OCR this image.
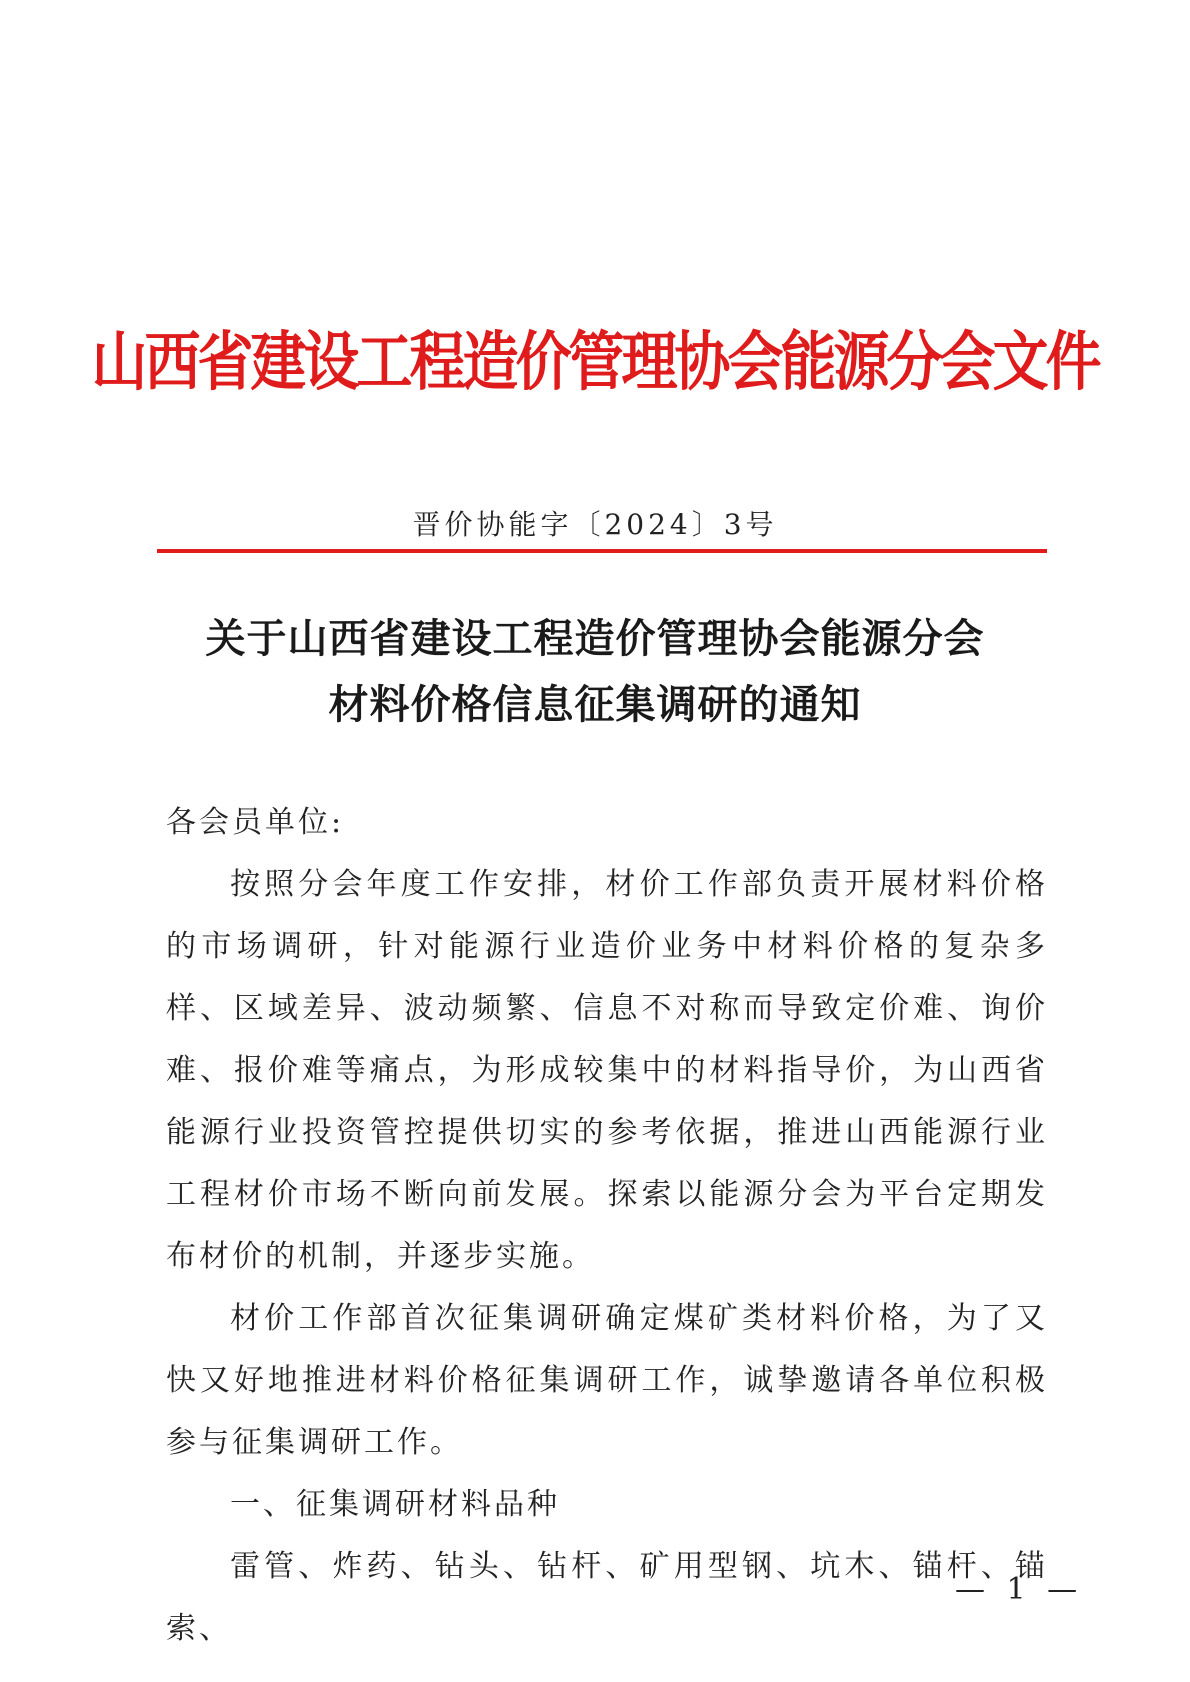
山西省建设工程造价管理协会能源分会文件
晋价协能字〔2024〕3号
关于山西省建设工程造价管理协会能源分会
材料价格信息征集调研的通知

各会员单位:

按照分会年度工作安排，材价工作部负责开展材料价格的市场调研，针对能源行业造价业务中材料价格的复杂多样、区域差异、波动频繁、信息不对称而导致定价难、询价难、报价难等痛点，为形成较集中的材料指导价，为山西省能源行业投资管控提供切实的参考依据，推进山西能源行业工程材价市场不断向前发展。探索以能源分会为平台定期发布材价的机制，并逐步实施。

材价工作部首次征集调研确定煤矿类材料价格，为了又快又好地推进材料价格征集调研工作，诚挚邀请各单位积极参与征集调研工作。

一、征集调研材料品种

雷管、炸药、钻头、钻杆、矿用型钢、坑木、锚杆、锚索、

— 1 —
